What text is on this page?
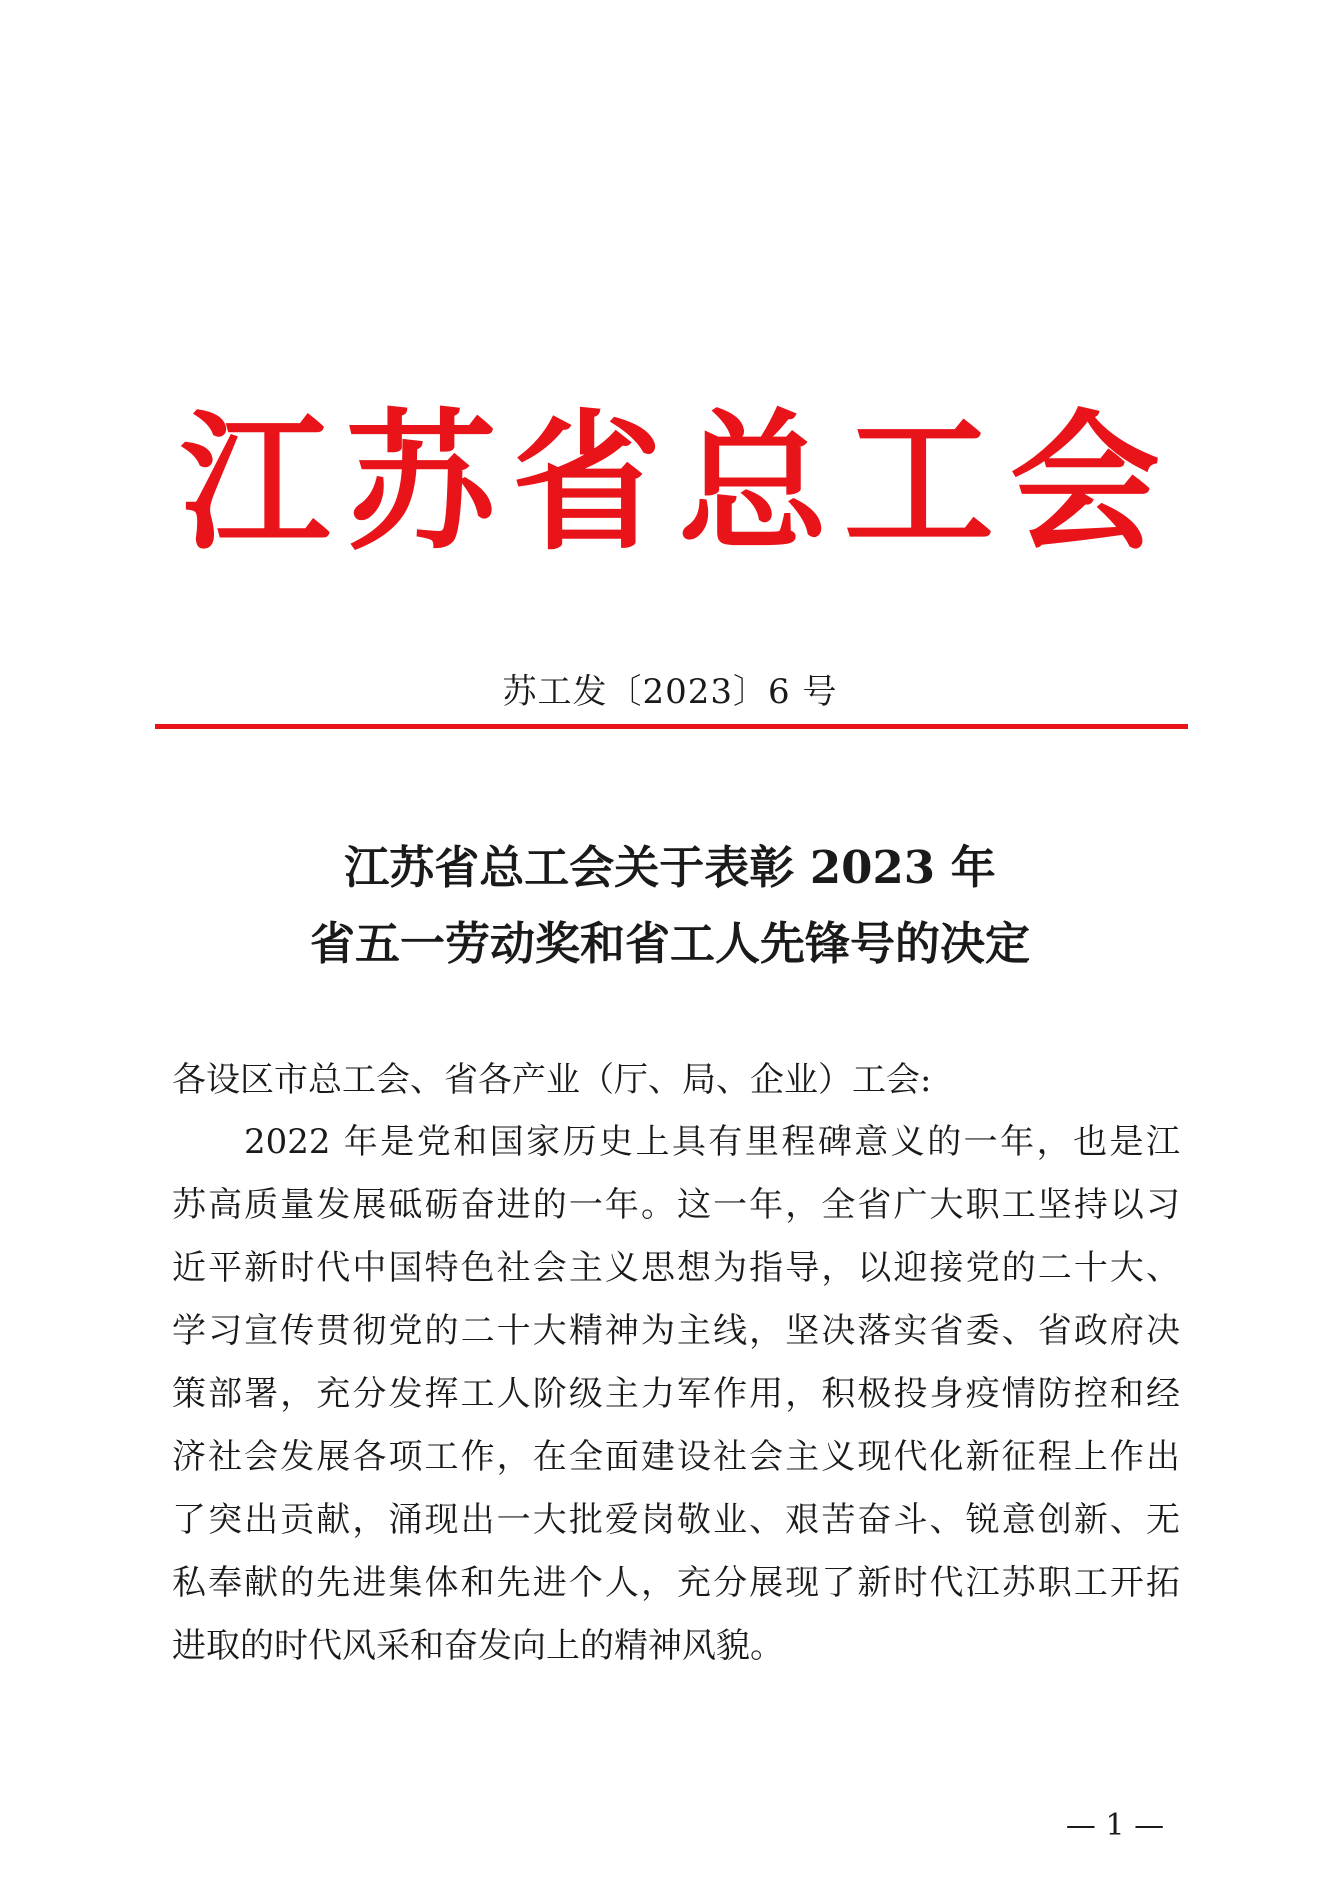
江 苏 省 总 工 会
苏工发〔2023〕6 号
江苏省总工会关于表彰 2023 年
省五一劳动奖和省工人先锋号的决定
各设区市总工会、省各产业（厅、局、企业）工会:
2022 年是党和国家历史上具有里程碑意义的一年，也是江
苏高质量发展砥砺奋进的一年。这一年，全省广大职工坚持以习
近平新时代中国特色社会主义思想为指导，以迎接党的二十大、
学习宣传贯彻党的二十大精神为主线，坚决落实省委、省政府决
策部署，充分发挥工人阶级主力军作用，积极投身疫情防控和经
济社会发展各项工作，在全面建设社会主义现代化新征程上作出
了突出贡献，涌现出一大批爱岗敬业、艰苦奋斗、锐意创新、无
私奉献的先进集体和先进个人，充分展现了新时代江苏职工开拓
进取的时代风采和奋发向上的精神风貌。
— 1 —
